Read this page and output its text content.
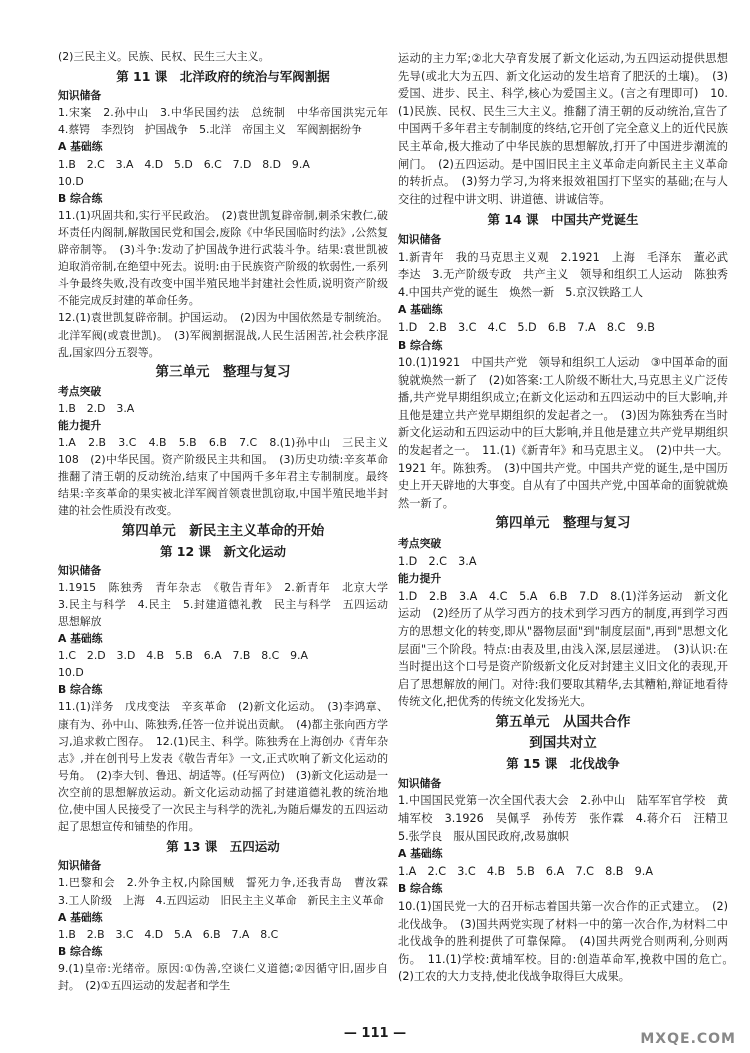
(2)三民主义。民族、民权、民生三大主义。

第 11 课　北洋政府的统治与军阀割据
知识储备

1.宋案　2.孙中山　3.中华民国约法　总统制　中华帝国洪宪元年　4.蔡锷　李烈钧　护国战争　5.北洋　帝国主义　军阀割据纷争

A 基础练

1.B　2.C　3.A　4.D　5.D　6.C　7.D　8.D　9.A

10.D

B 综合练

11.(1)巩固共和,实行平民政治。　(2)袁世凯复辟帝制,刺杀宋教仁,破坏责任内阁制,解散国民党和国会,废除《中华民国临时约法》,公然复辟帝制等。　(3)斗争:发动了护国战争进行武装斗争。结果:袁世凯被迫取消帝制,在绝望中死去。说明:由于民族资产阶级的软弱性,一系列斗争最终失败,没有改变中国半殖民地半封建社会性质,说明资产阶级不能完成反封建的革命任务。

12.(1)袁世凯复辟帝制。护国运动。　(2)因为中国依然是专制统治。北洋军阀(或袁世凯)。　(3)军阀割据混战,人民生活困苦,社会秩序混乱,国家四分五裂等。

第三单元　整理与复习
考点突破

1.B　2.D　3.A

能力提升

1.A　2.B　3.C　4.B　5.B　6.B　7.C　8.(1)孙中山　三民主义　108　(2)中华民国。资产阶级民主共和国。　(3)历史功绩:辛亥革命推翻了清王朝的反动统治,结束了中国两千多年君主专制制度。最终结果:辛亥革命的果实被北洋军阀首领袁世凯窃取,中国半殖民地半封建的社会性质没有改变。

第四单元　新民主主义革命的开始
第 12 课　新文化运动
知识储备

1.1915　陈独秀　青年杂志　《敬告青年》　2.新青年　北京大学　3.民主与科学　4.民主　5.封建道德礼教　民主与科学　五四运动　思想解放

A 基础练

1.C　2.D　3.D　4.B　5.B　6.A　7.B　8.C　9.A

10.D

B 综合练

11.(1)洋务　戊戌变法　辛亥革命　(2)新文化运动。　(3)李鸿章、康有为、孙中山、陈独秀,任答一位并说出贡献。　(4)都主张向西方学习,追求救亡图存。　12.(1)民主、科学。陈独秀在上海创办《青年杂志》,并在创刊号上发表《敬告青年》一文,正式吹响了新文化运动的号角。　(2)李大钊、鲁迅、胡适等。(任写两位)　(3)新文化运动是一次空前的思想解放运动。新文化运动动摇了封建道德礼教的统治地位,使中国人民接受了一次民主与科学的洗礼,为随后爆发的五四运动起了思想宣传和铺垫的作用。

第 13 课　五四运动
知识储备

1.巴黎和会　2.外争主权,内除国贼　誓死力争,还我青岛　曹汝霖　3.工人阶级　上海　4.五四运动　旧民主主义革命　新民主主义革命

A 基础练

1.B　2.B　3.C　4.D　5.A　6.B　7.A　8.C

B 综合练

9.(1)皇帝:光绪帝。原因:①伪善,空谈仁义道德;②因循守旧,固步自封。　(2)①五四运动的发起者和学生

运动的主力军;②北大孕育发展了新文化运动,为五四运动提供思想先导(或北大为五四、新文化运动的发生培育了肥沃的土壤)。　(3)爱国、进步、民主、科学,核心为爱国主义。(言之有理即可)　10.(1)民族、民权、民生三大主义。推翻了清王朝的反动统治,宣告了中国两千多年君主专制制度的终结,它开创了完全意义上的近代民族民主革命,极大推动了中华民族的思想解放,打开了中国进步潮流的闸门。　(2)五四运动。是中国旧民主主义革命走向新民主主义革命的转折点。　(3)努力学习,为将来报效祖国打下坚实的基础;在与人交往的过程中讲文明、讲道德、讲诚信等。

第 14 课　中国共产党诞生
知识储备

1.新青年　我的马克思主义观　2.1921　上海　毛泽东　董必武　李达　3.无产阶级专政　共产主义　领导和组织工人运动　陈独秀　4.中国共产党的诞生　焕然一新　5.京汉铁路工人

A 基础练

1.D　2.B　3.C　4.C　5.D　6.B　7.A　8.C　9.B

B 综合练

10.(1)1921　中国共产党　领导和组织工人运动　③中国革命的面貌就焕然一新了　(2)如答案:工人阶级不断壮大,马克思主义广泛传播,共产党早期组织成立;在新文化运动和五四运动中的巨大影响,并且他是建立共产党早期组织的发起者之一。　(3)因为陈独秀在当时新文化运动和五四运动中的巨大影响,并且他是建立共产党早期组织的发起者之一。　11.(1)《新青年》和马克思主义。　(2)中共一大。1921 年。陈独秀。　(3)中国共产党。中国共产党的诞生,是中国历史上开天辟地的大事变。自从有了中国共产党,中国革命的面貌就焕然一新了。

第四单元　整理与复习
考点突破

1.D　2.C　3.A

能力提升

1.D　2.B　3.A　4.C　5.A　6.B　7.D　8.(1)洋务运动　新文化运动　(2)经历了从学习西方的技术到学习西方的制度,再到学习西方的思想文化的转变,即从"器物层面"到"制度层面",再到"思想文化层面"三个阶段。特点:由表及里,由浅入深,层层递进。　(3)认识:在当时提出这个口号是资产阶级新文化反对封建主义旧文化的表现,开启了思想解放的闸门。对待:我们要取其精华,去其糟粕,辩证地看待传统文化,把优秀的传统文化发扬光大。

第五单元　从国共合作
到国共对立
第 15 课　北伐战争
知识储备

1.中国国民党第一次全国代表大会　2.孙中山　陆军军官学校　黄埔军校　3.1926　吴佩孚　孙传芳　张作霖　4.蒋介石　汪精卫　5.张学良　服从国民政府,改易旗帜

A 基础练

1.A　2.C　3.C　4.B　5.B　6.A　7.C　8.B　9.A

B 综合练

10.(1)国民党一大的召开标志着国共第一次合作的正式建立。　(2)北伐战争。　(3)国共两党实现了材料一中的第一次合作,为材料二中北伐战争的胜利提供了可靠保障。　(4)国共两党合则两利,分则两伤。　11.(1)学校:黄埔军校。目的:创造革命军,挽救中国的危亡。　(2)工农的大力支持,使北伐战争取得巨大成果。

— 111 —	MXQE.COM
